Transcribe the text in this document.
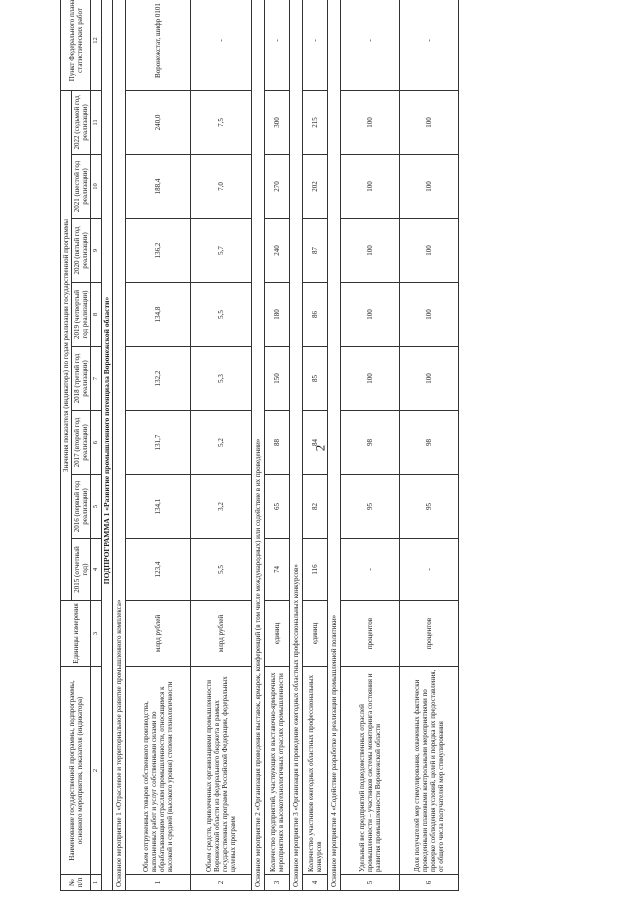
2
№ п/п	Наименование государственной программы, подпрограммы, основного мероприятия, показателя (индикатора)	Единицы измерения	Значения показателя (индикатора) по годам реализации государственной программы								Пункт Федерального плана статистических работ
			2015 (отчетный год)	2016 (первый год реализации)	2017 (второй год реализации)	2018 (третий год реализации)	2019 (четвертый год реализации)	2020 (пятый год реализации)	2021 (шестой год реализации)	2022 (седьмой год реализации)	
1	2	3	4	5	6	7	8	9	10	11	12
ПОДПРОГРАММА 1 «Развитие промышленного потенциала Воронежской области»											
Основное мероприятие 1 «Отраслевое и территориальное развитие промышленного комплекса»											
1	Объем отгруженных товаров собственного производства, выполненных работ и услуг собственными силами по обрабатывающим отраслям промышленности, относящимся к высокой и средней (высокого уровня) степени технологичности	млрд рублей	123,4	134,1	131,7	132,2	134,8	136,2	188,4	240,0	Воронежстат, шифр 0101
2	Объем средств, привлеченных организациями промышленности Воронежской области из федерального бюджета в рамках государственных программ Российской Федерации, федеральных целевых программ	млрд рублей	5,5	3,2	5,2	5,3	5,5	5,7	7,0	7,5	-
Основное мероприятие 2 «Организация проведения выставок, ярмарок, конференций (в том числе международных) или содействие в их проведении»											
3	Количество предприятий, участвующих в выставочно-ярмарочных мероприятиях в высокотехнологичных отраслях промышленности	единиц	74	65	88	150	180	240	270	300	-
Основное мероприятие 3 «Организация и проведение ежегодных областных профессиональных конкурсов»											
4	Количество участников ежегодных областных профессиональных конкурсов	единиц	116	82	84	85	86	87	202	215	-
Основное мероприятие 4 «Содействие разработке и реализации промышленной политики»											
5	Удельный вес предприятий подведомственных отраслей промышленности – участников системы мониторинга состояния и развития промышленности Воронежской области	процентов	-	95	98	100	100	100	100	100	-
6	Доля получателей мер стимулирования, охваченных фактически проведенными плановыми контрольными мероприятиями по проверке соблюдения условий, целей и порядка их предоставления, от общего числа получателей мер стимулирования	процентов	-	95	98	100	100	100	100	100	-
